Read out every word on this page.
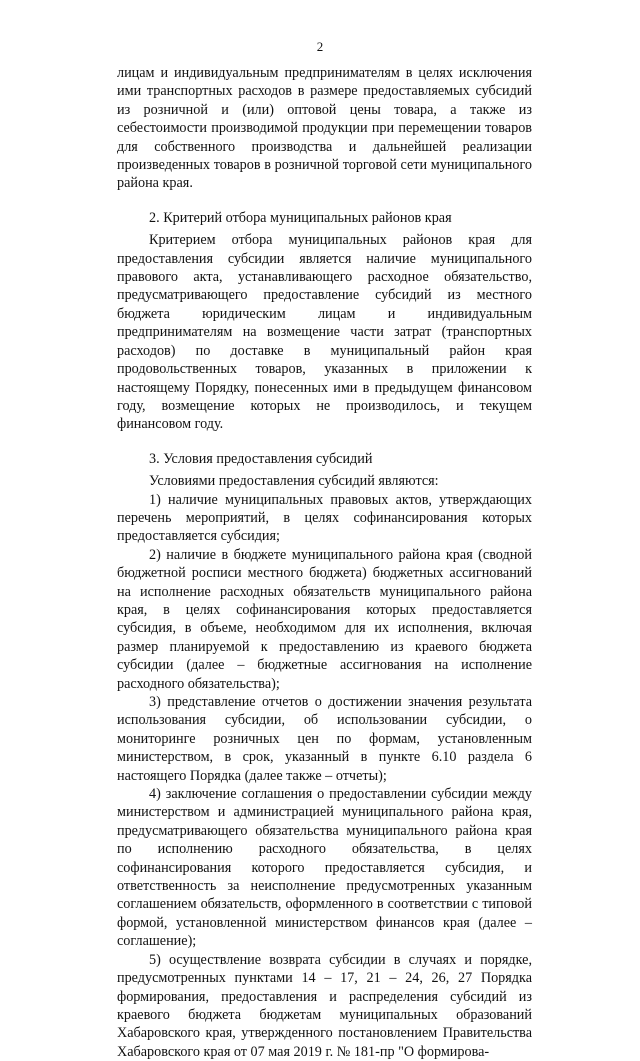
2

лицам и индивидуальным предпринимателям в целях исключения ими транспортных расходов в размере предоставляемых субсидий из розничной и (или) оптовой цены товара, а также из себестоимости производимой продукции при перемещении товаров для собственного производства и дальнейшей реализации произведенных товаров в розничной торговой сети муниципального района края.

2. Критерий отбора муниципальных районов края

Критерием отбора муниципальных районов края для предоставления субсидии является наличие муниципального правового акта, устанавливающего расходное обязательство, предусматривающего предоставление субсидий из местного бюджета юридическим лицам и индивидуальным предпринимателям на возмещение части затрат (транспортных расходов) по доставке в муниципальный район края продовольственных товаров, указанных в приложении к настоящему Порядку, понесенных ими в предыдущем финансовом году, возмещение которых не производилось, и текущем финансовом году.

3. Условия предоставления субсидий

Условиями предоставления субсидий являются:

1) наличие муниципальных правовых актов, утверждающих перечень мероприятий, в целях софинансирования которых предоставляется субсидия;

2) наличие в бюджете муниципального района края (сводной бюджетной росписи местного бюджета) бюджетных ассигнований на исполнение расходных обязательств муниципального района края, в целях софинансирования которых предоставляется субсидия, в объеме, необходимом для их исполнения, включая размер планируемой к предоставлению из краевого бюджета субсидии (далее – бюджетные ассигнования на исполнение расходного обязательства);

3) представление отчетов о достижении значения результата использования субсидии, об использовании субсидии, о мониторинге розничных цен по формам, установленным министерством, в срок, указанный в пункте 6.10 раздела 6 настоящего Порядка (далее также – отчеты);

4) заключение соглашения о предоставлении субсидии между министерством и администрацией муниципального района края, предусматривающего обязательства муниципального района края по исполнению расходного обязательства, в целях софинансирования которого предоставляется субсидия, и ответственность за неисполнение предусмотренных указанным соглашением обязательств, оформленного в соответствии с типовой формой, установленной министерством финансов края (далее – соглашение);

5) осуществление возврата субсидии в случаях и порядке, предусмотренных пунктами 14 – 17, 21 – 24, 26, 27 Порядка формирования, предоставления и распределения субсидий из краевого бюджета бюджетам муниципальных образований Хабаровского края, утвержденного постановлением Правительства Хабаровского края от 07 мая 2019 г. № 181-пр "О формирова-
